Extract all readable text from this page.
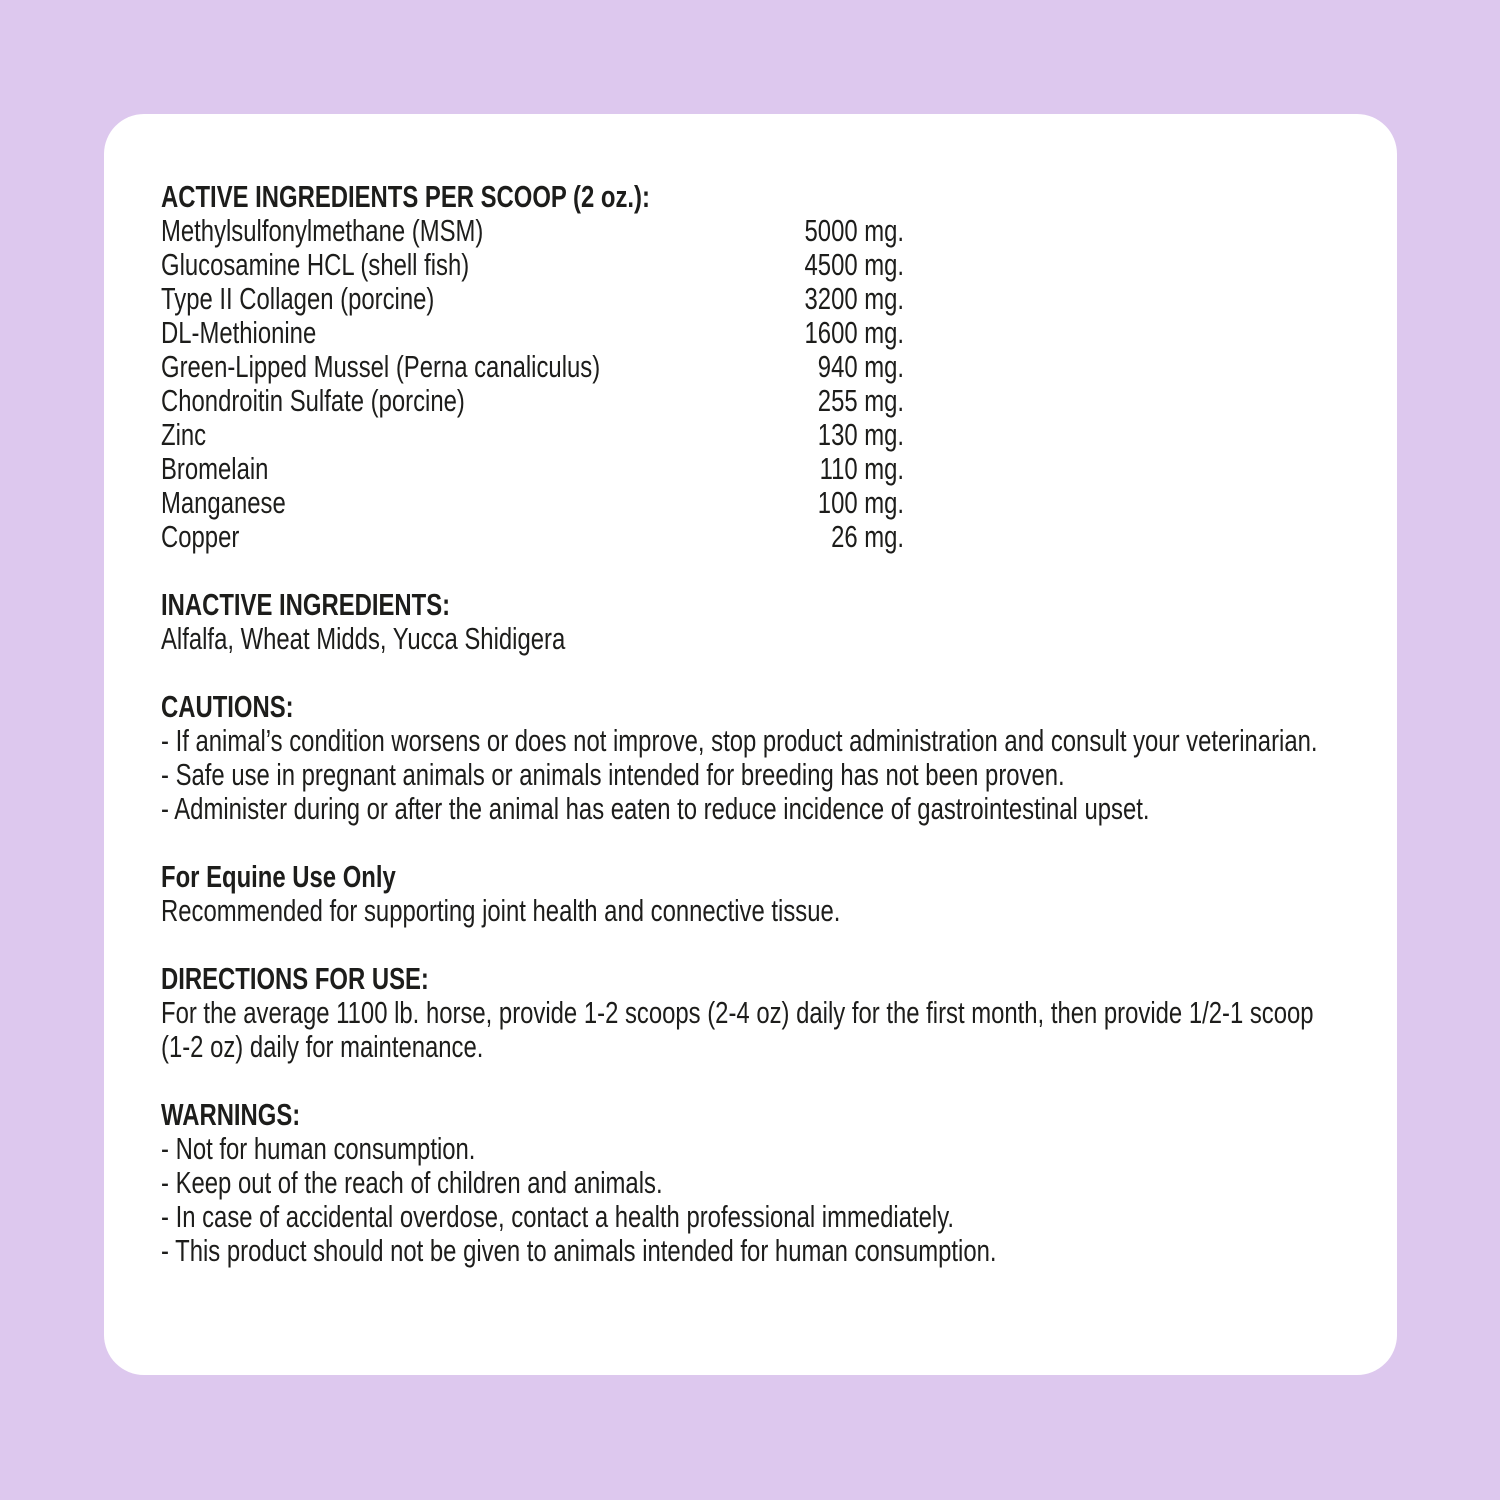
ACTIVE INGREDIENTS PER SCOOP (2 oz.):
Methylsulfonylmethane (MSM)	5000 mg.
Glucosamine HCL (shell fish)	4500 mg.
Type II Collagen (porcine)	3200 mg.
DL-Methionine	1600 mg.
Green-Lipped Mussel (Perna canaliculus)	940 mg.
Chondroitin Sulfate (porcine)	255 mg.
Zinc	130 mg.
Bromelain	110 mg.
Manganese	100 mg.
Copper	26 mg.
INACTIVE INGREDIENTS:

Alfalfa, Wheat Midds, Yucca Shidigera

CAUTIONS:

- If animal’s condition worsens or does not improve, stop product administration and consult your veterinarian.

- Safe use in pregnant animals or animals intended for breeding has not been proven.

- Administer during or after the animal has eaten to reduce incidence of gastrointestinal upset.

For Equine Use Only

Recommended for supporting joint health and connective tissue.

DIRECTIONS FOR USE:

For the average 1100 lb. horse, provide 1-2 scoops (2-4 oz) daily for the first month, then provide 1/2-1 scoop (1-2 oz) daily for maintenance.

WARNINGS:

- Not for human consumption.

- Keep out of the reach of children and animals.

- In case of accidental overdose, contact a health professional immediately.

- This product should not be given to animals intended for human consumption.
